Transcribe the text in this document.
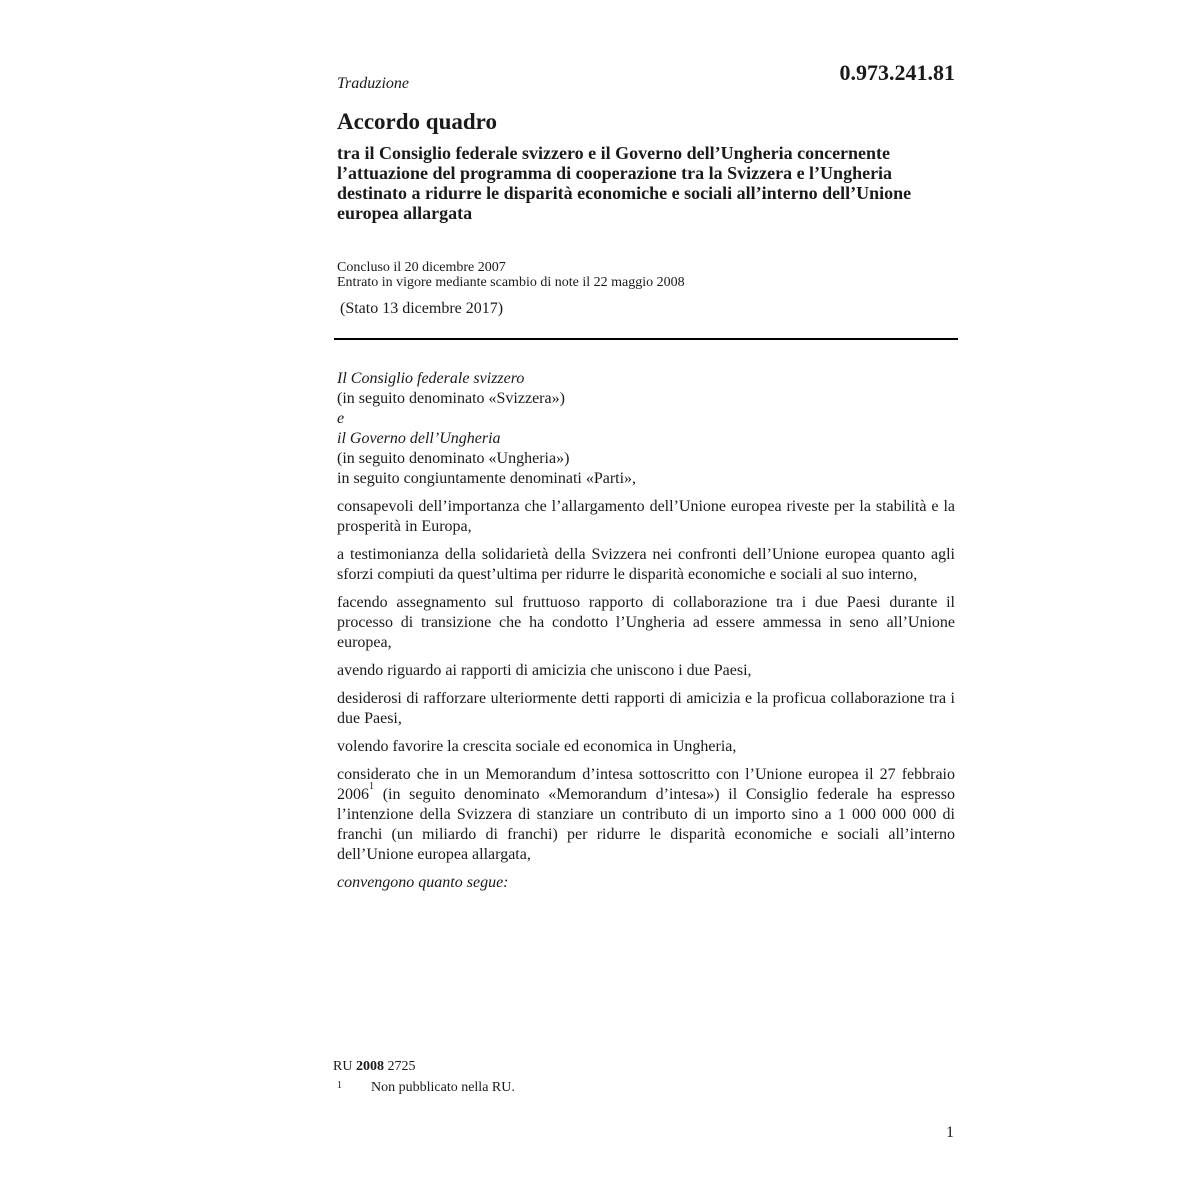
Traduzione	0.973.241.81
Accordo quadro
tra il Consiglio federale svizzero e il Governo dell’Ungheria concernente l’attuazione del programma di cooperazione tra la Svizzera e l’Ungheria destinato a ridurre le disparità economiche e sociali all’interno dell’Unione europea allargata
Concluso il 20 dicembre 2007
Entrato in vigore mediante scambio di note il 22 maggio 2008
(Stato 13 dicembre 2017)
Il Consiglio federale svizzero
(in seguito denominato «Svizzera»)
e
il Governo dell’Ungheria
(in seguito denominato «Ungheria»)
in seguito congiuntamente denominati «Parti»,

consapevoli dell’importanza che l’allargamento dell’Unione europea riveste per la stabilità e la prosperità in Europa,

a testimonianza della solidarietà della Svizzera nei confronti dell’Unione europea quanto agli sforzi compiuti da quest’ultima per ridurre le disparità economiche e sociali al suo interno,

facendo assegnamento sul fruttuoso rapporto di collaborazione tra i due Paesi durante il processo di transizione che ha condotto l’Ungheria ad essere ammessa in seno all’Unione europea,

avendo riguardo ai rapporti di amicizia che uniscono i due Paesi,

desiderosi di rafforzare ulteriormente detti rapporti di amicizia e la proficua collaborazione tra i due Paesi,

volendo favorire la crescita sociale ed economica in Ungheria,

considerato che in un Memorandum d’intesa sottoscritto con l’Unione europea il 27 febbraio 2006$^1$ (in seguito denominato «Memorandum d’intesa») il Consiglio federale ha espresso l’intenzione della Svizzera di stanziare un contributo di un importo sino a 1 000 000 000 di franchi (un miliardo di franchi) per ridurre le disparità economiche e sociali all’interno dell’Unione europea allargata,

convengono quanto segue:

RU 2008 2725
1 Non pubblicato nella RU.
1
